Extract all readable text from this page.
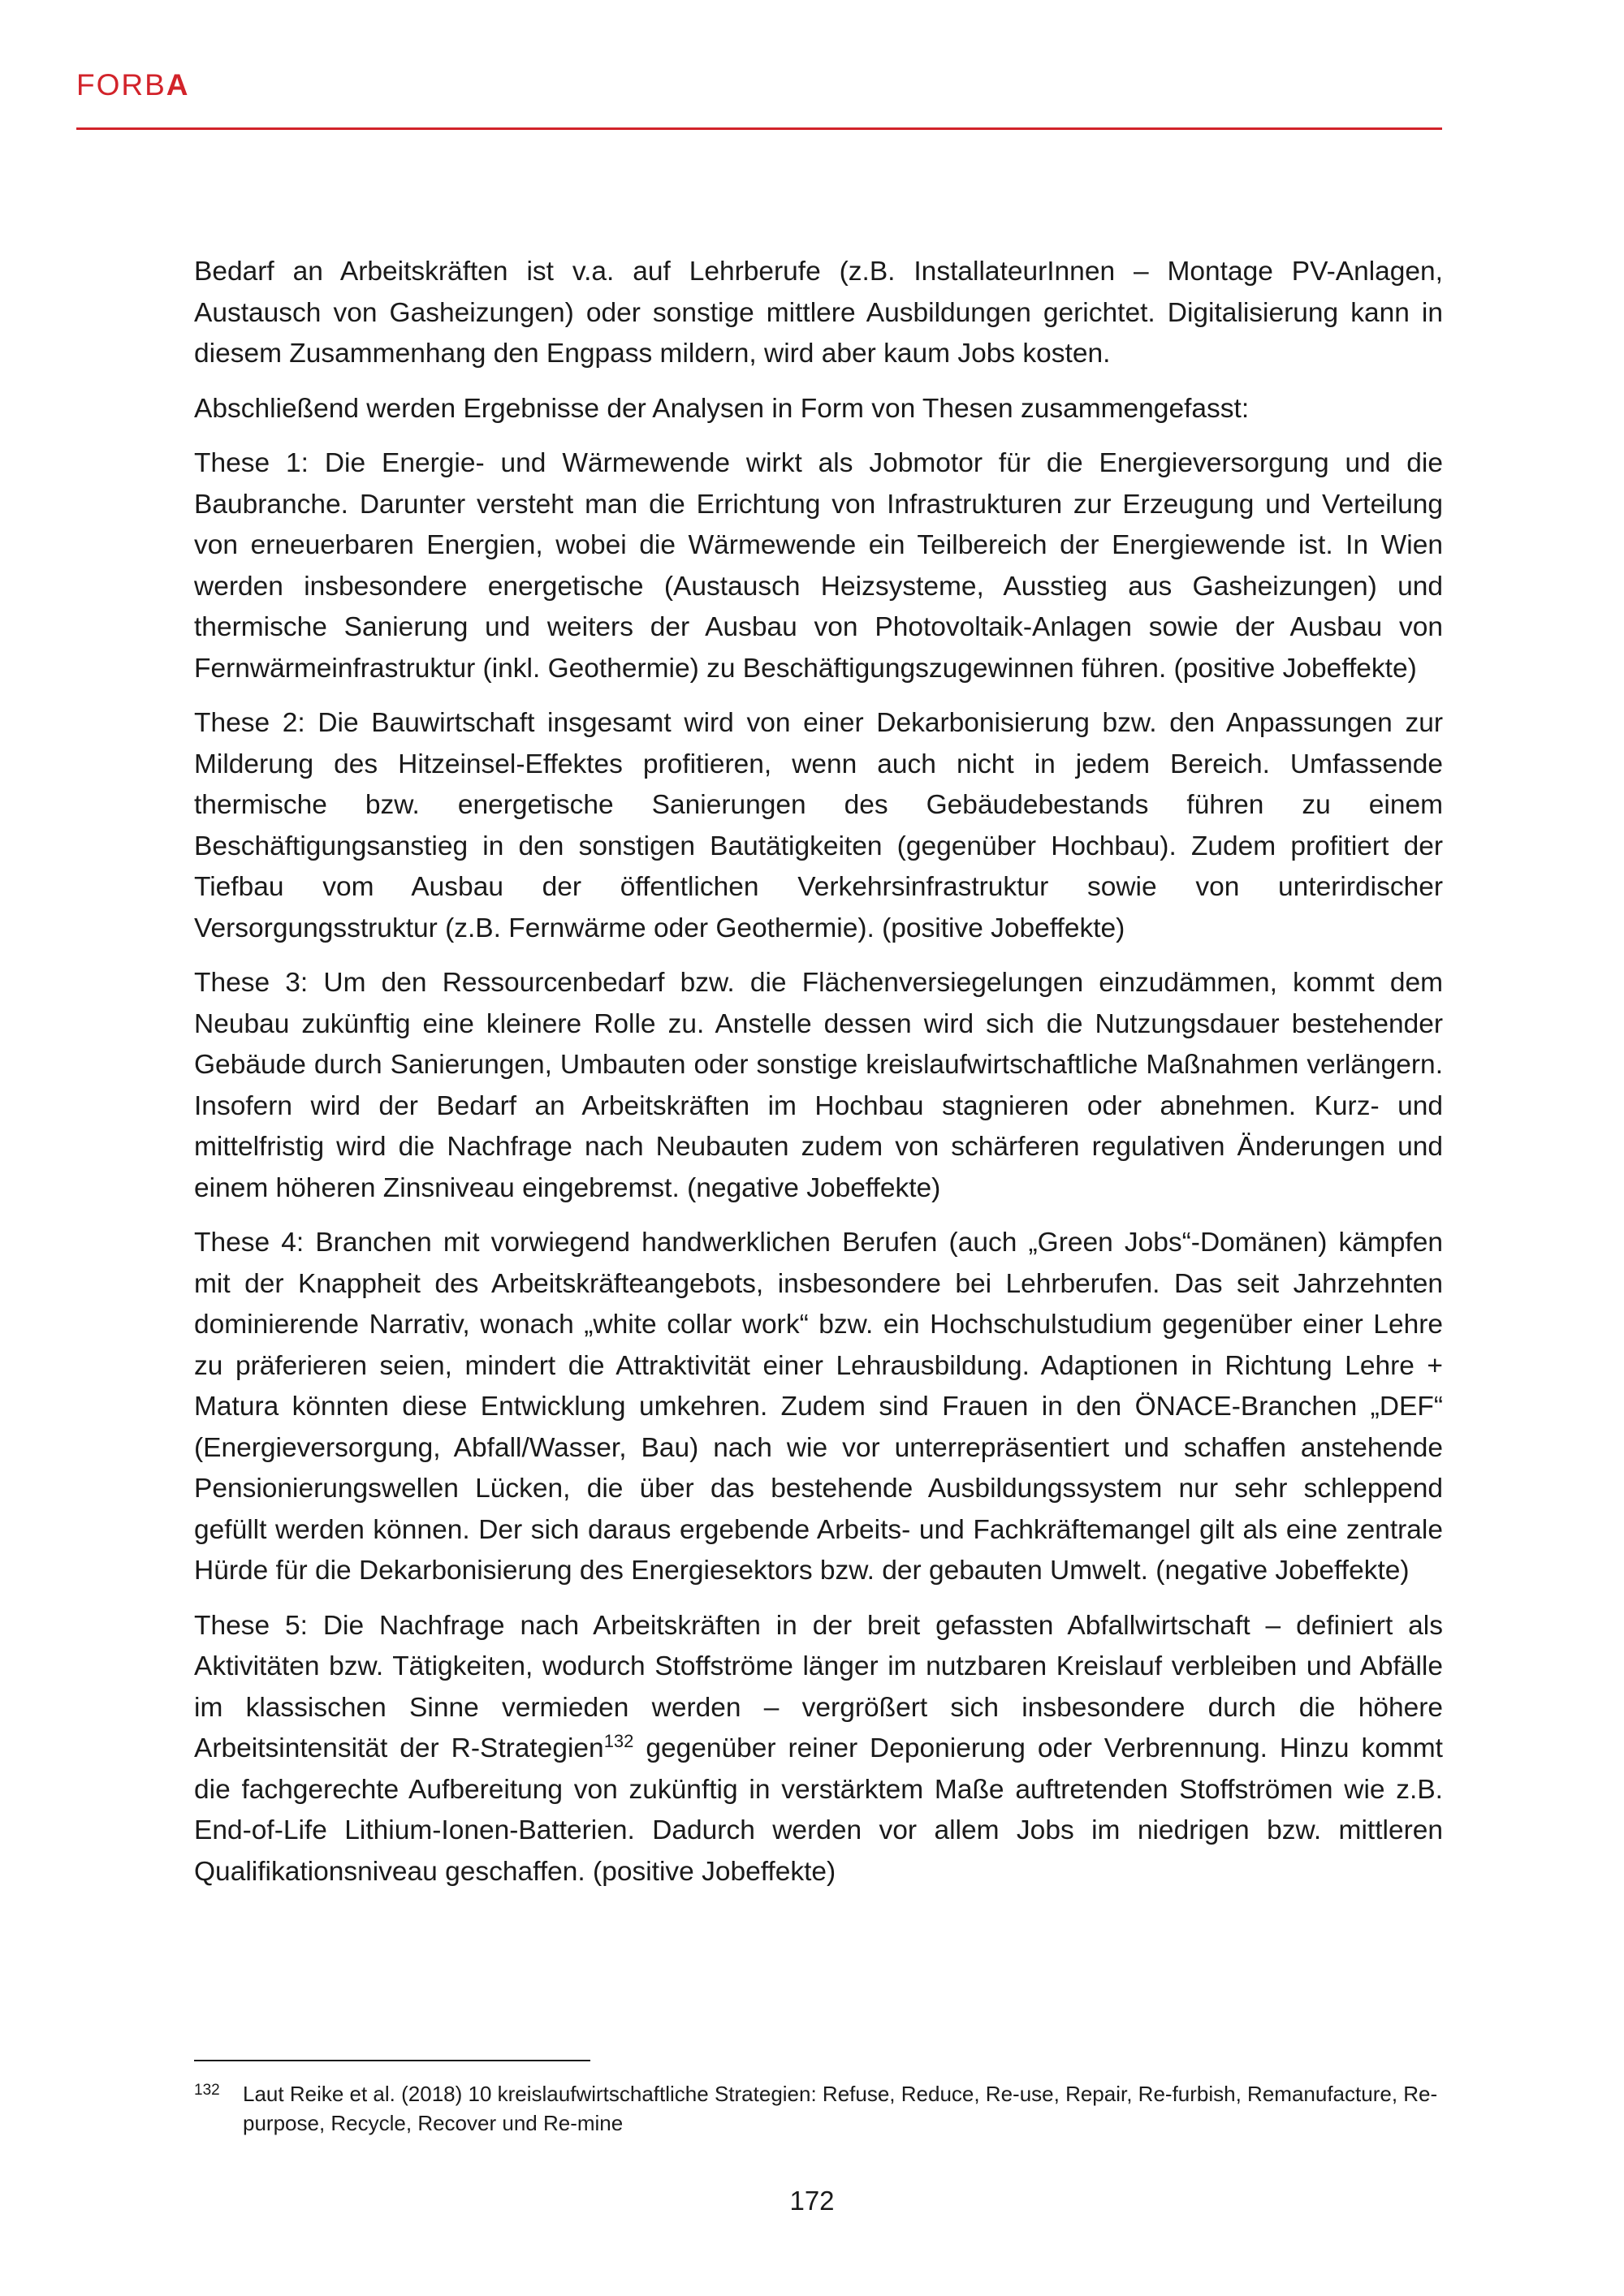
FORBA

Bedarf an Arbeitskräften ist v.a. auf Lehrberufe (z.B. InstallateurInnen – Montage PV-Anlagen, Austausch von Gasheizungen) oder sonstige mittlere Ausbildungen gerichtet. Digitalisierung kann in diesem Zusammenhang den Engpass mildern, wird aber kaum Jobs kosten.

Abschließend werden Ergebnisse der Analysen in Form von Thesen zusammengefasst:

These 1: Die Energie- und Wärmewende wirkt als Jobmotor für die Energieversorgung und die Baubranche. Darunter versteht man die Errichtung von Infrastrukturen zur Erzeugung und Verteilung von erneuerbaren Energien, wobei die Wärmewende ein Teilbereich der Energiewende ist. In Wien werden insbesondere energetische (Austausch Heizsysteme, Ausstieg aus Gasheizungen) und thermische Sanierung und weiters der Ausbau von Photovoltaik-Anlagen sowie der Ausbau von Fernwärmeinfrastruktur (inkl. Geothermie) zu Beschäftigungszugewinnen führen. (positive Jobeffekte)

These 2: Die Bauwirtschaft insgesamt wird von einer Dekarbonisierung bzw. den Anpassungen zur Milderung des Hitzeinsel-Effektes profitieren, wenn auch nicht in jedem Bereich. Umfassende thermische bzw. energetische Sanierungen des Gebäudebestands führen zu einem Beschäftigungsanstieg in den sonstigen Bautätigkeiten (gegenüber Hochbau). Zudem profitiert der Tiefbau vom Ausbau der öffentlichen Verkehrsinfrastruktur sowie von unterirdischer Versorgungsstruktur (z.B. Fernwärme oder Geothermie). (positive Jobeffekte)

These 3: Um den Ressourcenbedarf bzw. die Flächenversiegelungen einzudämmen, kommt dem Neubau zukünftig eine kleinere Rolle zu. Anstelle dessen wird sich die Nutzungsdauer bestehender Gebäude durch Sanierungen, Umbauten oder sonstige kreislaufwirtschaftliche Maßnahmen verlängern. Insofern wird der Bedarf an Arbeitskräften im Hochbau stagnieren oder abnehmen. Kurz- und mittelfristig wird die Nachfrage nach Neubauten zudem von schärferen regulativen Änderungen und einem höheren Zinsniveau eingebremst. (negative Jobeffekte)

These 4: Branchen mit vorwiegend handwerklichen Berufen (auch „Green Jobs“-Domänen) kämpfen mit der Knappheit des Arbeitskräfteangebots, insbesondere bei Lehrberufen. Das seit Jahrzehnten dominierende Narrativ, wonach „white collar work“ bzw. ein Hochschulstudium gegenüber einer Lehre zu präferieren seien, mindert die Attraktivität einer Lehrausbildung. Adaptionen in Richtung Lehre + Matura könnten diese Entwicklung umkehren. Zudem sind Frauen in den ÖNACE-Branchen „DEF“ (Energieversorgung, Abfall/Wasser, Bau) nach wie vor unterrepräsentiert und schaffen anstehende Pensionierungswellen Lücken, die über das bestehende Ausbildungssystem nur sehr schleppend gefüllt werden können. Der sich daraus ergebende Arbeits- und Fachkräftemangel gilt als eine zentrale Hürde für die Dekarbonisierung des Energiesektors bzw. der gebauten Umwelt. (negative Jobeffekte)

These 5: Die Nachfrage nach Arbeitskräften in der breit gefassten Abfallwirtschaft – definiert als Aktivitäten bzw. Tätigkeiten, wodurch Stoffströme länger im nutzbaren Kreislauf verbleiben und Abfälle im klassischen Sinne vermieden werden – vergrößert sich insbesondere durch die höhere Arbeitsintensität der R-Strategien$^{132}$ gegenüber reiner Deponierung oder Verbrennung. Hinzu kommt die fachgerechte Aufbereitung von zukünftig in verstärktem Maße auftretenden Stoffströmen wie z.B. End-of-Life Lithium-Ionen-Batterien. Dadurch werden vor allem Jobs im niedrigen bzw. mittleren Qualifikationsniveau geschaffen. (positive Jobeffekte)

132 Laut Reike et al. (2018) 10 kreislaufwirtschaftliche Strategien: Refuse, Reduce, Re-use, Repair, Re-furbish, Remanufacture, Re-purpose, Recycle, Recover und Re-mine
172
